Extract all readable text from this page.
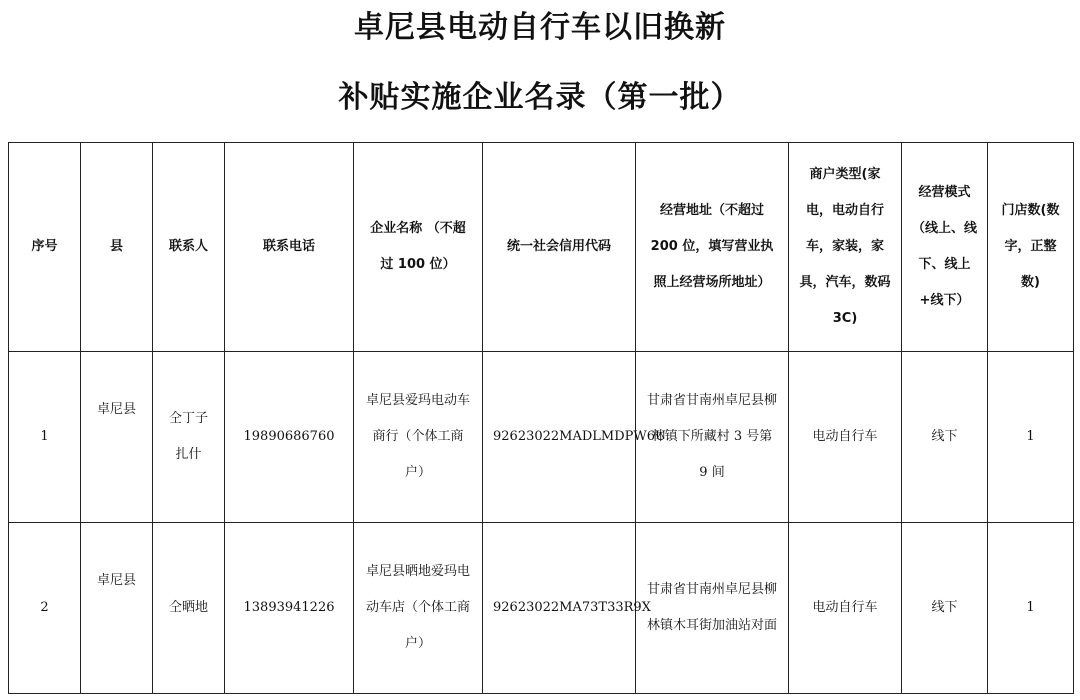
卓尼县电动自行车以旧换新
补贴实施企业名录（第一批）
序号	县	联系人	联系电话	企业名称 （不超过 100 位）	统一社会信用代码	经营地址（不超过 200 位，填写营业执照上经营场所地址）	商户类型(家电，电动自行车，家装，家具，汽车，数码3C)	经营模式（线上、线下、线上+线下）	门店数(数字，正整数)
1	卓尼县	仝丁子扎什	19890686760	卓尼县爱玛电动车商行（个体工商户）	92623022MADLMDPW6U	甘肃省甘南州卓尼县柳林镇下所藏村 3 号第 9 间	电动自行车	线下	1
2	卓尼县	仝晒地	13893941226	卓尼县晒地爱玛电动车店（个体工商户）	92623022MA73T33R9X	甘肃省甘南州卓尼县柳林镇木耳街加油站对面	电动自行车	线下	1
